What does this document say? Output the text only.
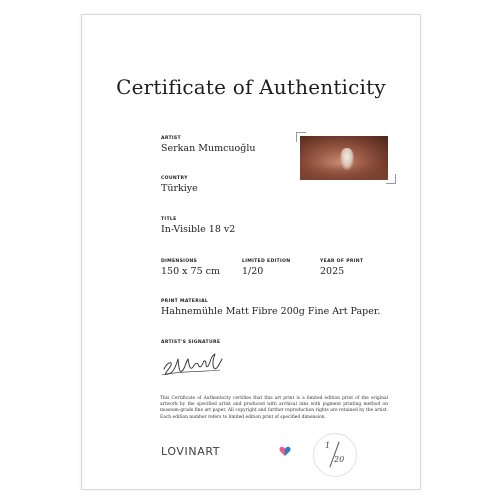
Certificate of Authenticity
ARTIST
Serkan Mumcuoğlu
COUNTRY
Türkiye
TITLE
In-Visible 18 v2
DIMENSIONS
150 x 75 cm
LIMITED EDITION
1/20
YEAR OF PRINT
2025
PRINT MATERIAL
Hahnemühle Matt Fibre 200g Fine Art Paper.
ARTIST'S SIGNATURE
This Certificate of Authenticity certifies that this art print is a limited edition print of the original artwork by the specified artist and produced with archival inks with pigment printing method on museum-grade fine art paper. All copyright and further reproduction rights are retained by the artist. Each edition number refers to limited edition print of specified dimension.
LOVINART	1
20
